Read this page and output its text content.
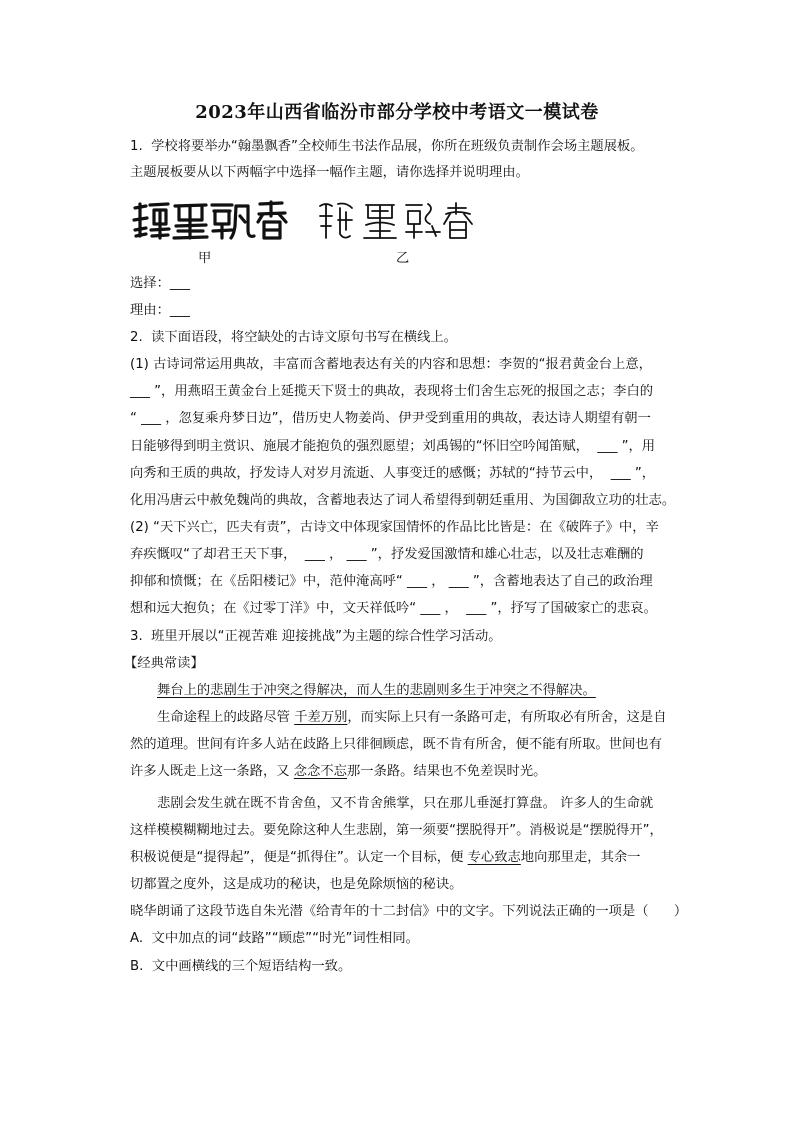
2023年山西省临汾市部分学校中考语文一模试卷
1.  学校将要举办“翰墨飘香”全校师生书法作品展，你所在班级负责制作会场主题展板。
主题展板要从以下两幅字中选择一幅作主题，请你选择并说明理由。
甲	乙
选择：___
理由：___
2.  读下面语段，将空缺处的古诗文原句书写在横线上。
(1) 古诗词常运用典故，丰富而含蓄地表达有关的内容和思想：李贺的“报君黄金台上意，
___ ”，用燕昭王黄金台上延揽天下贤士的典故，表现将士们舍生忘死的报国之志；李白的
“ ___ ，忽复乘舟梦日边”，借历史人物姜尚、伊尹受到重用的典故，表达诗人期望有朝一
日能够得到明主赏识、施展才能抱负的强烈愿望；刘禹锡的“怀旧空吟闻笛赋，  ___ ”，用
向秀和王质的典故，抒发诗人对岁月流逝、人事变迁的感慨；苏轼的“持节云中，  ___ ”，
化用冯唐云中赦免魏尚的典故，含蓄地表达了词人希望得到朝廷重用、为国御敌立功的壮志。
(2) “天下兴亡，匹夫有责”，古诗文中体现家国情怀的作品比比皆是：在《破阵子》中，辛
弃疾慨叹“了却君王天下事，  ___ ， ___ ”，抒发爱国激情和雄心壮志，以及壮志难酬的
抑郁和愤慨；在《岳阳楼记》中，范仲淹高呼“ ___ ， ___ ”，含蓄地表达了自己的政治理
想和远大抱负；在《过零丁洋》中，文天祥低吟“ ___ ，  ___ ”，抒写了国破家亡的悲哀。
3.  班里开展以“正视苦难 迎接挑战”为主题的综合性学习活动。
【经典常读】
舞台上的悲剧生于冲突之得解决，而人生的悲剧则多生于冲突之不得解决。
生命途程上的歧路尽管 千差万别，而实际上只有一条路可走，有所取必有所舍，这是自
然的道理。世间有许多人站在歧路上只徘徊顾虑，既不肯有所舍，便不能有所取。世间也有
许多人既走上这一条路，又 念念不忘那一条路。结果也不免差误时光。
悲剧会发生就在既不肯舍鱼，又不肯舍熊掌，只在那儿垂涎打算盘。 许多人的生命就
这样模模糊糊地过去。要免除这种人生悲剧，第一须要“摆脱得开”。消极说是“摆脱得开”，
积极说便是“提得起”，便是“抓得住”。认定一个目标，便 专心致志地向那里走，其余一
切都置之度外，这是成功的秘诀，也是免除烦恼的秘诀。
晓华朗诵了这段节选自朱光潜《给青年的十二封信》中的文字。下列说法正确的一项是（      ）
A.  文中加点的词“歧路”“顾虑”“时光”词性相同。
B.  文中画横线的三个短语结构一致。
